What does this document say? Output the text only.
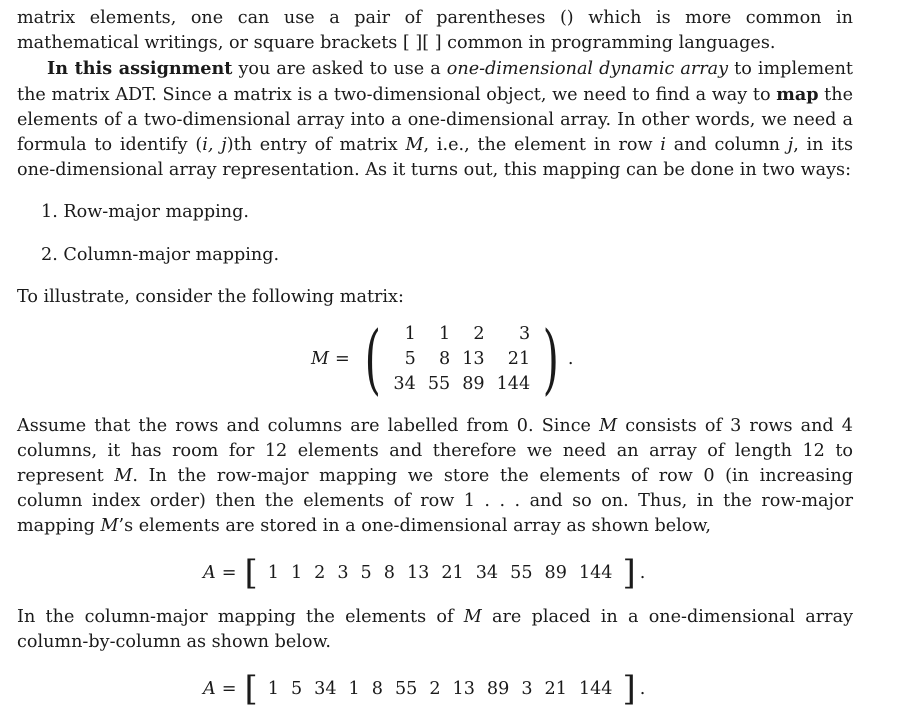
matrix elements, one can use a pair of parentheses () which is more common in mathematical writings, or square brackets [ ][ ] common in programming languages.

In this assignment you are asked to use a one-dimensional dynamic array to implement the matrix ADT. Since a matrix is a two-dimensional object, we need to find a way to map the elements of a two-dimensional array into a one-dimensional array. In other words, we need a formula to identify (i, j)th entry of matrix M, i.e., the element in row i and column j, in its one-dimensional array representation. As it turns out, this mapping can be done in two ways:

1. Row-major mapping.
2. Column-major mapping.

To illustrate, consider the following matrix:

M = ( 1	1	2	3
5	8	13	21
34	55	89	144 ) .

Assume that the rows and columns are labelled from 0. Since M consists of 3 rows and 4 columns, it has room for 12 elements and therefore we need an array of length 12 to represent M. In the row-major mapping we store the elements of row 0 (in increasing column index order) then the elements of row 1 . . . and so on. Thus, in the row-major mapping M’s elements are stored in a one-dimensional array as shown below,

A = [ 1 1 2 3 5 8 13 21 34 55 89 144 ] .

In the column-major mapping the elements of M are placed in a one-dimensional array column-by-column as shown below.

A = [ 1 5 34 1 8 55 2 13 89 3 21 144 ] .
